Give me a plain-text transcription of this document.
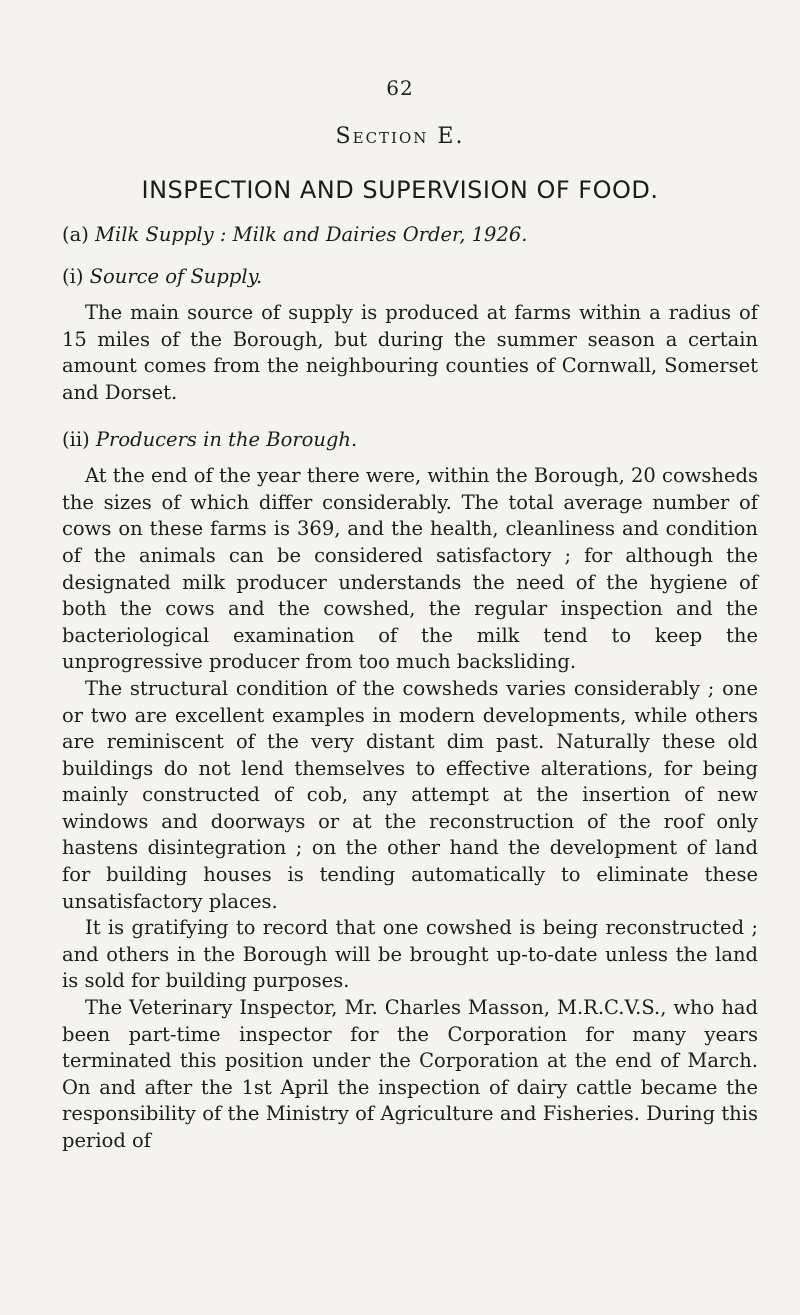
62
Section E.
INSPECTION AND SUPERVISION OF FOOD.
(a) Milk Supply : Milk and Dairies Order, 1926.
(i) Source of Supply.

The main source of supply is produced at farms within a radius of 15 miles of the Borough, but during the summer season a certain amount comes from the neighbouring counties of Cornwall, Somerset and Dorset.

(ii) Producers in the Borough.

At the end of the year there were, within the Borough, 20 cowsheds the sizes of which differ considerably. The total average number of cows on these farms is 369, and the health, cleanliness and condition of the animals can be considered satisfactory ; for although the designated milk producer understands the need of the hygiene of both the cows and the cowshed, the regular inspection and the bacteriological examination of the milk tend to keep the unprogressive producer from too much backsliding.

The structural condition of the cowsheds varies considerably ; one or two are excellent examples in modern developments, while others are reminiscent of the very distant dim past. Naturally these old buildings do not lend themselves to effective alterations, for being mainly constructed of cob, any attempt at the insertion of new windows and doorways or at the reconstruction of the roof only hastens disintegration ; on the other hand the development of land for building houses is tending automatically to eliminate these unsatisfactory places.

It is gratifying to record that one cowshed is being reconstructed ; and others in the Borough will be brought up-to-date unless the land is sold for building purposes.

The Veterinary Inspector, Mr. Charles Masson, M.R.C.V.S., who had been part-time inspector for the Corporation for many years terminated this position under the Corporation at the end of March. On and after the 1st April the inspection of dairy cattle became the responsibility of the Ministry of Agriculture and Fisheries. During this period of
